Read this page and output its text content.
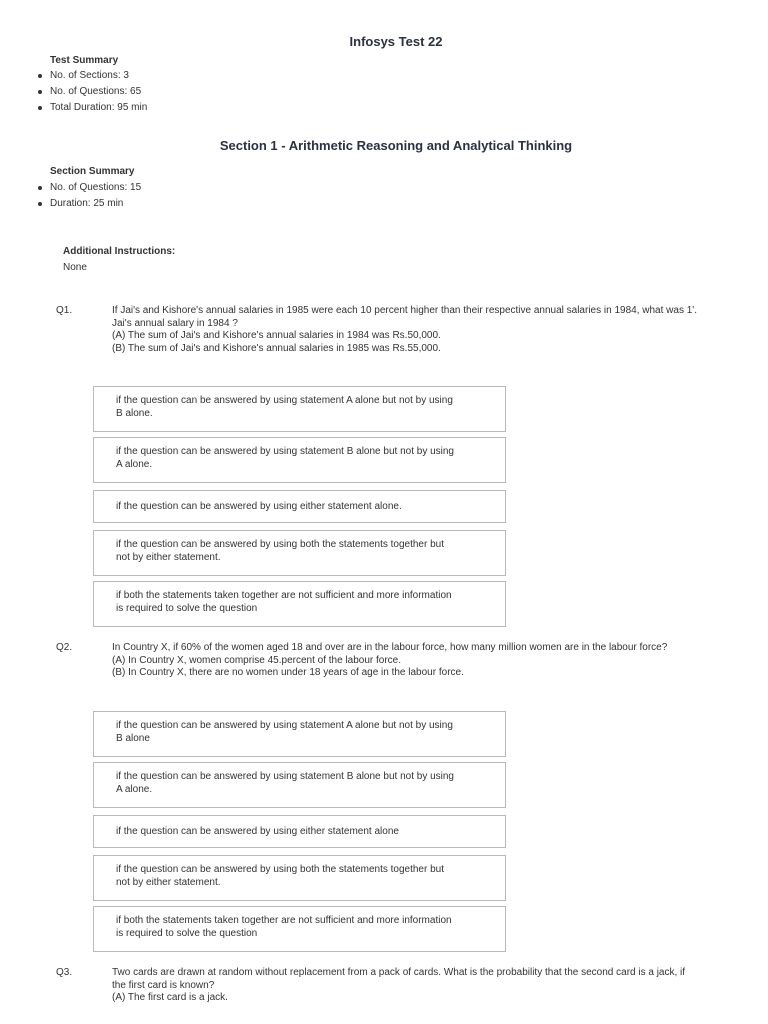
Infosys Test 22
Test Summary
No. of Sections: 3
No. of Questions: 65
Total Duration: 95 min
Section 1 - Arithmetic Reasoning and Analytical Thinking
Section Summary
No. of Questions: 15
Duration: 25 min
Additional Instructions:
None
Q1.	If Jai's and Kishore's annual salaries in 1985 were each 10 percent higher than their respective annual salaries in 1984, what was 1'.
Jai's annual salary in 1984 ?
(A) The sum of Jai's and Kishore's annual salaries in 1984 was Rs.50,000.
(B) The sum of Jai's and Kishore's annual salaries in 1985 was Rs.55,000.
if the question can be answered by using statement A alone but not by using
B alone.
if the question can be answered by using statement B alone but not by using
A alone.
if the question can be answered by using either statement alone.
if the question can be answered by using both the statements together but
not by either statement.
if both the statements taken together are not sufficient and more information
is required to solve the question
Q2.	In Country X, if 60% of the women aged 18 and over are in the labour force, how many million women are in the labour force?
(A) In Country X, women comprise 45.percent of the labour force.
(B) In Country X, there are no women under 18 years of age in the labour force.
if the question can be answered by using statement A alone but not by using
B alone
if the question can be answered by using statement B alone but not by using
A alone.
if the question can be answered by using either statement alone
if the question can be answered by using both the statements together but
not by either statement.
if both the statements taken together are not sufficient and more information
is required to solve the question
Q3.	Two cards are drawn at random without replacement from a pack of cards. What is the probability that the second card is a jack, if
the first card is known?
(A) The first card is a jack.
